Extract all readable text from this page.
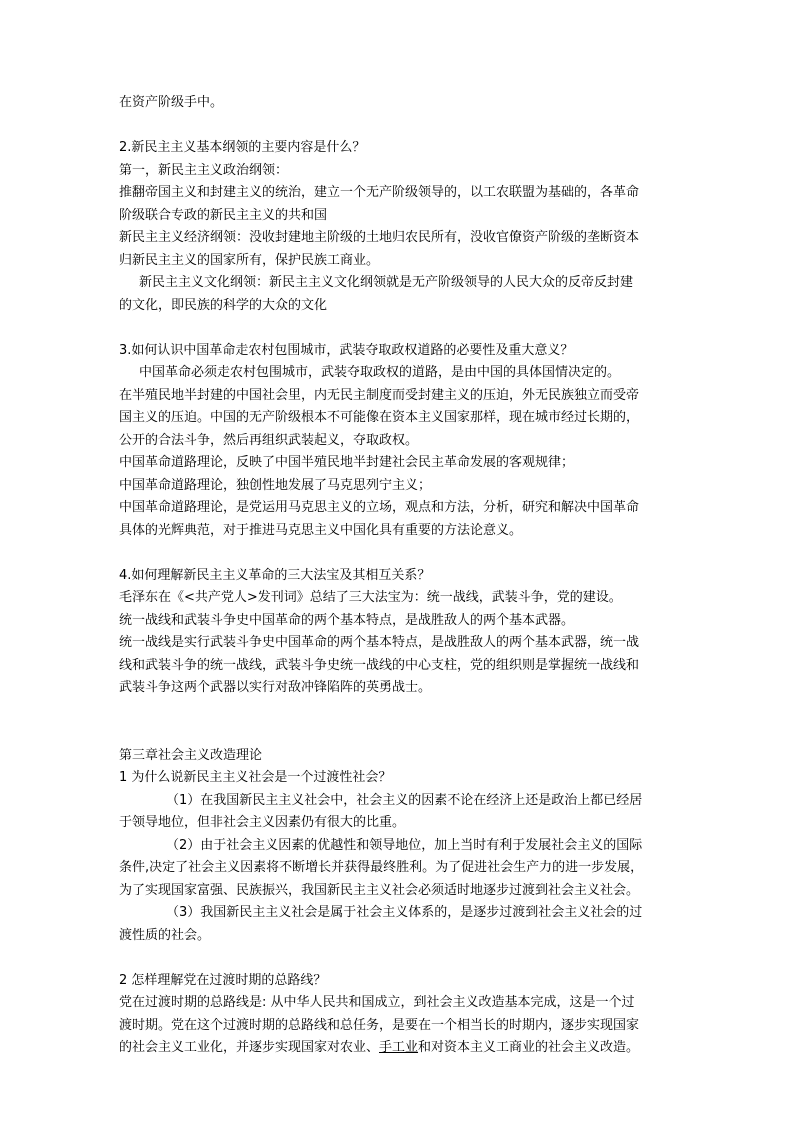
在资产阶级手中。
2.新民主主义基本纲领的主要内容是什么？
第一，新民主主义政治纲领：
推翻帝国主义和封建主义的统治，建立一个无产阶级领导的，以工农联盟为基础的，各革命
阶级联合专政的新民主主义的共和国
新民主主义经济纲领：没收封建地主阶级的土地归农民所有，没收官僚资产阶级的垄断资本
归新民主主义的国家所有，保护民族工商业。
新民主主义文化纲领：新民主主义文化纲领就是无产阶级领导的人民大众的反帝反封建
的文化，即民族的科学的大众的文化
3.如何认识中国革命走农村包围城市，武装夺取政权道路的必要性及重大意义？
中国革命必须走农村包围城市，武装夺取政权的道路，是由中国的具体国情决定的。
在半殖民地半封建的中国社会里，内无民主制度而受封建主义的压迫，外无民族独立而受帝
国主义的压迫。中国的无产阶级根本不可能像在资本主义国家那样，现在城市经过长期的，
公开的合法斗争，然后再组织武装起义，夺取政权。
中国革命道路理论，反映了中国半殖民地半封建社会民主革命发展的客观规律；
中国革命道路理论，独创性地发展了马克思列宁主义；
中国革命道路理论，是党运用马克思主义的立场，观点和方法，分析，研究和解决中国革命
具体的光辉典范，对于推进马克思主义中国化具有重要的方法论意义。
4.如何理解新民主主义革命的三大法宝及其相互关系？
毛泽东在《<共产党人>发刊词》总结了三大法宝为：统一战线，武装斗争，党的建设。
统一战线和武装斗争史中国革命的两个基本特点，是战胜敌人的两个基本武器。
统一战线是实行武装斗争史中国革命的两个基本特点，是战胜敌人的两个基本武器，统一战
线和武装斗争的统一战线，武装斗争史统一战线的中心支柱，党的组织则是掌握统一战线和
武装斗争这两个武器以实行对敌冲锋陷阵的英勇战士。
第三章社会主义改造理论
1 为什么说新民主主义社会是一个过渡性社会？
（1）在我国新民主主义社会中，社会主义的因素不论在经济上还是政治上都已经居
于领导地位，但非社会主义因素仍有很大的比重。
（2）由于社会主义因素的优越性和领导地位，加上当时有利于发展社会主义的国际
条件,决定了社会主义因素将不断增长并获得最终胜利。为了促进社会生产力的进一步发展，
为了实现国家富强、民族振兴，我国新民主主义社会必须适时地逐步过渡到社会主义社会。
（3）我国新民主主义社会是属于社会主义体系的，是逐步过渡到社会主义社会的过
渡性质的社会。
2 怎样理解党在过渡时期的总路线？
党在过渡时期的总路线是: 从中华人民共和国成立，到社会主义改造基本完成，这是一个过
渡时期。党在这个过渡时期的总路线和总任务，是要在一个相当长的时期内，逐步实现国家
的社会主义工业化，并逐步实现国家对农业、手工业和对资本主义工商业的社会主义改造。
